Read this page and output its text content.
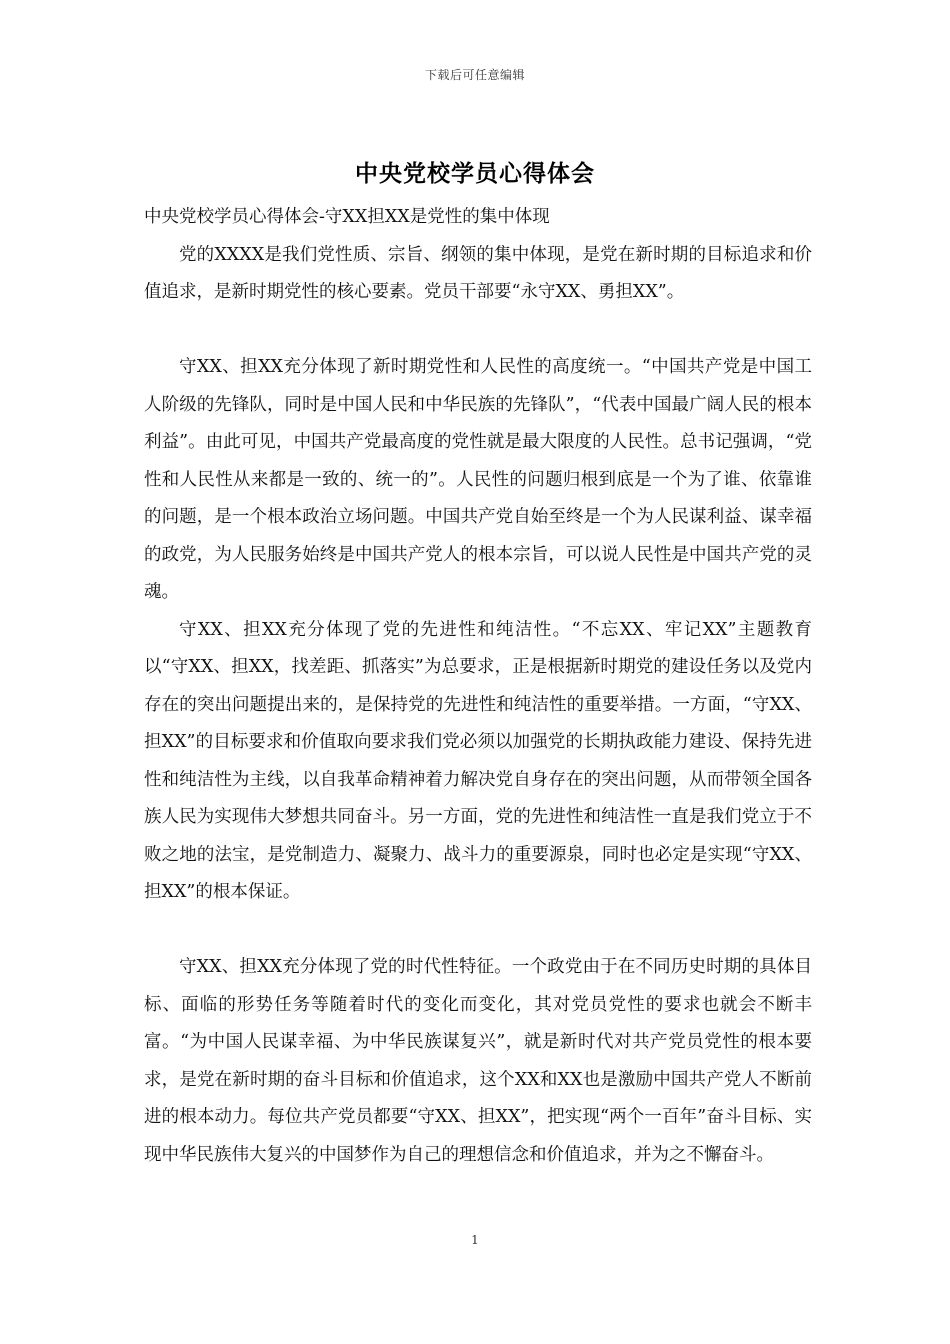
下载后可任意编辑
中央党校学员心得体会

中央党校学员心得体会-守XX担XX是党性的集中体现

党的XXXX是我们党性质、宗旨、纲领的集中体现，是党在新时期的目标追求和价值追求，是新时期党性的核心要素。党员干部要“永守XX、勇担XX”。

守XX、担XX充分体现了新时期党性和人民性的高度统一。“中国共产党是中国工人阶级的先锋队，同时是中国人民和中华民族的先锋队”，“代表中国最广阔人民的根本利益”。由此可见，中国共产党最高度的党性就是最大限度的人民性。总书记强调，“党性和人民性从来都是一致的、统一的”。人民性的问题归根到底是一个为了谁、依靠谁的问题，是一个根本政治立场问题。中国共产党自始至终是一个为人民谋利益、谋幸福的政党，为人民服务始终是中国共产党人的根本宗旨，可以说人民性是中国共产党的灵魂。

守XX、担XX充分体现了党的先进性和纯洁性。“不忘XX、牢记XX”主题教育以“守XX、担XX，找差距、抓落实”为总要求，正是根据新时期党的建设任务以及党内存在的突出问题提出来的，是保持党的先进性和纯洁性的重要举措。一方面，“守XX、担XX”的目标要求和价值取向要求我们党必须以加强党的长期执政能力建设、保持先进性和纯洁性为主线，以自我革命精神着力解决党自身存在的突出问题，从而带领全国各族人民为实现伟大梦想共同奋斗。另一方面，党的先进性和纯洁性一直是我们党立于不败之地的法宝，是党制造力、凝聚力、战斗力的重要源泉，同时也必定是实现“守XX、担XX”的根本保证。

守XX、担XX充分体现了党的时代性特征。一个政党由于在不同历史时期的具体目标、面临的形势任务等随着时代的变化而变化，其对党员党性的要求也就会不断丰富。“为中国人民谋幸福、为中华民族谋复兴”，就是新时代对共产党员党性的根本要求，是党在新时期的奋斗目标和价值追求，这个XX和XX也是激励中国共产党人不断前进的根本动力。每位共产党员都要“守XX、担XX”，把实现“两个一百年”奋斗目标、实现中华民族伟大复兴的中国梦作为自己的理想信念和价值追求，并为之不懈奋斗。

1
